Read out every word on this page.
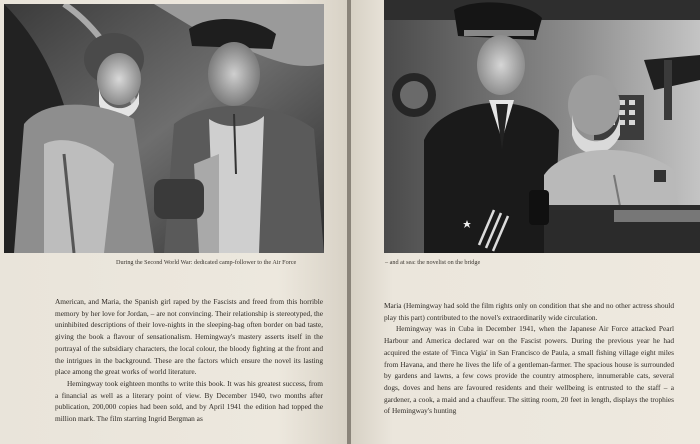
During the Second World War: dedicated camp-follower to the Air Force

American, and Maria, the Spanish girl raped by the Fascists and freed from this horrible memory by her love for Jordan, – are not convincing. Their relationship is stereotyped, the uninhibited descriptions of their love-nights in the sleeping-bag often border on bad taste, giving the book a flavour of sensationalism. Hemingway's mastery asserts itself in the portrayal of the subsidiary characters, the local colour, the bloody fighting at the front and the intrigues in the background. These are the factors which ensure the novel its lasting place among the great works of world literature.

Hemingway took eighteen months to write this book. It was his greatest success, from a financial as well as a literary point of view. By December 1940, two months after publication, 200,000 copies had been sold, and by April 1941 the edition had topped the million mark. The film starring Ingrid Bergman as

– and at sea: the novelist on the bridge

Maria (Hemingway had sold the film rights only on condition that she and no other actress should play this part) contributed to the novel's extraordinarily wide circulation.

Hemingway was in Cuba in December 1941, when the Japanese Air Force attacked Pearl Harbour and America declared war on the Fascist powers. During the previous year he had acquired the estate of 'Finca Vigia' in San Francisco de Paula, a small fishing village eight miles from Havana, and there he lives the life of a gentleman-farmer. The spacious house is surrounded by gardens and lawns, a few cows provide the country atmosphere, innumerable cats, several dogs, doves and hens are favoured residents and their wellbeing is entrusted to the staff – a gardener, a cook, a maid and a chauffeur. The sitting room, 20 feet in length, displays the trophies of Hemingway's hunting
